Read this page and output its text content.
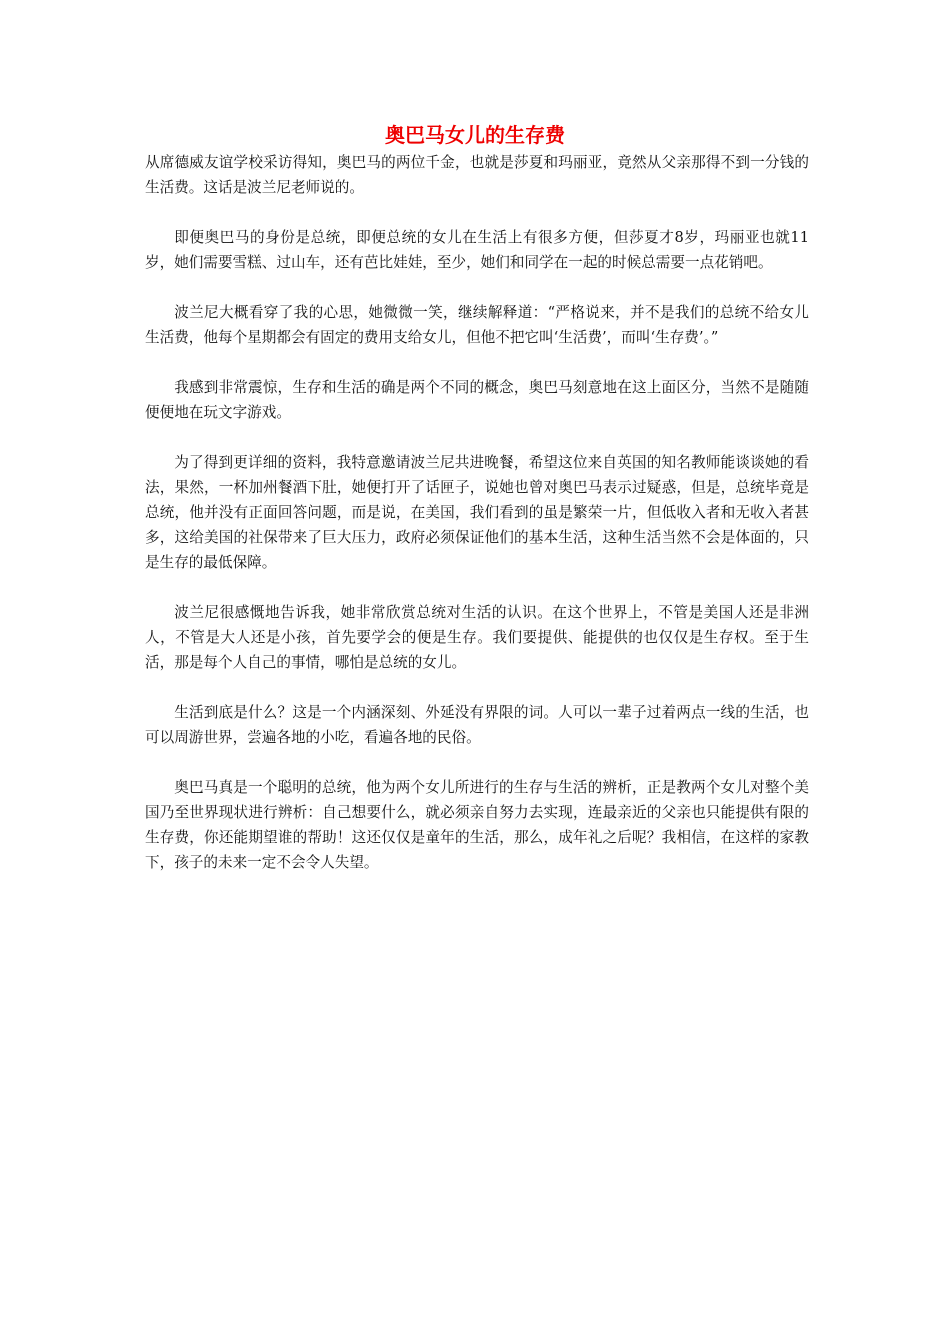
奥巴马女儿的生存费

从席德威友谊学校采访得知，奥巴马的两位千金，也就是莎夏和玛丽亚，竟然从父亲那得不到一分钱的生活费。这话是波兰尼老师说的。

即便奥巴马的身份是总统，即便总统的女儿在生活上有很多方便，但莎夏才8岁，玛丽亚也就11岁，她们需要雪糕、过山车，还有芭比娃娃，至少，她们和同学在一起的时候总需要一点花销吧。

波兰尼大概看穿了我的心思，她微微一笑，继续解释道：“严格说来，并不是我们的总统不给女儿生活费，他每个星期都会有固定的费用支给女儿，但他不把它叫‘生活费’，而叫‘生存费’。”

我感到非常震惊，生存和生活的确是两个不同的概念，奥巴马刻意地在这上面区分，当然不是随随便便地在玩文字游戏。

为了得到更详细的资料，我特意邀请波兰尼共进晚餐，希望这位来自英国的知名教师能谈谈她的看法，果然，一杯加州餐酒下肚，她便打开了话匣子，说她也曾对奥巴马表示过疑惑，但是，总统毕竟是总统，他并没有正面回答问题，而是说，在美国，我们看到的虽是繁荣一片，但低收入者和无收入者甚多，这给美国的社保带来了巨大压力，政府必须保证他们的基本生活，这种生活当然不会是体面的，只是生存的最低保障。

波兰尼很感慨地告诉我，她非常欣赏总统对生活的认识。在这个世界上，不管是美国人还是非洲人，不管是大人还是小孩，首先要学会的便是生存。我们要提供、能提供的也仅仅是生存权。至于生活，那是每个人自己的事情，哪怕是总统的女儿。

生活到底是什么？这是一个内涵深刻、外延没有界限的词。人可以一辈子过着两点一线的生活，也可以周游世界，尝遍各地的小吃，看遍各地的民俗。

奥巴马真是一个聪明的总统，他为两个女儿所进行的生存与生活的辨析，正是教两个女儿对整个美国乃至世界现状进行辨析：自己想要什么，就必须亲自努力去实现，连最亲近的父亲也只能提供有限的生存费，你还能期望谁的帮助！这还仅仅是童年的生活，那么，成年礼之后呢？我相信，在这样的家教下，孩子的未来一定不会令人失望。
